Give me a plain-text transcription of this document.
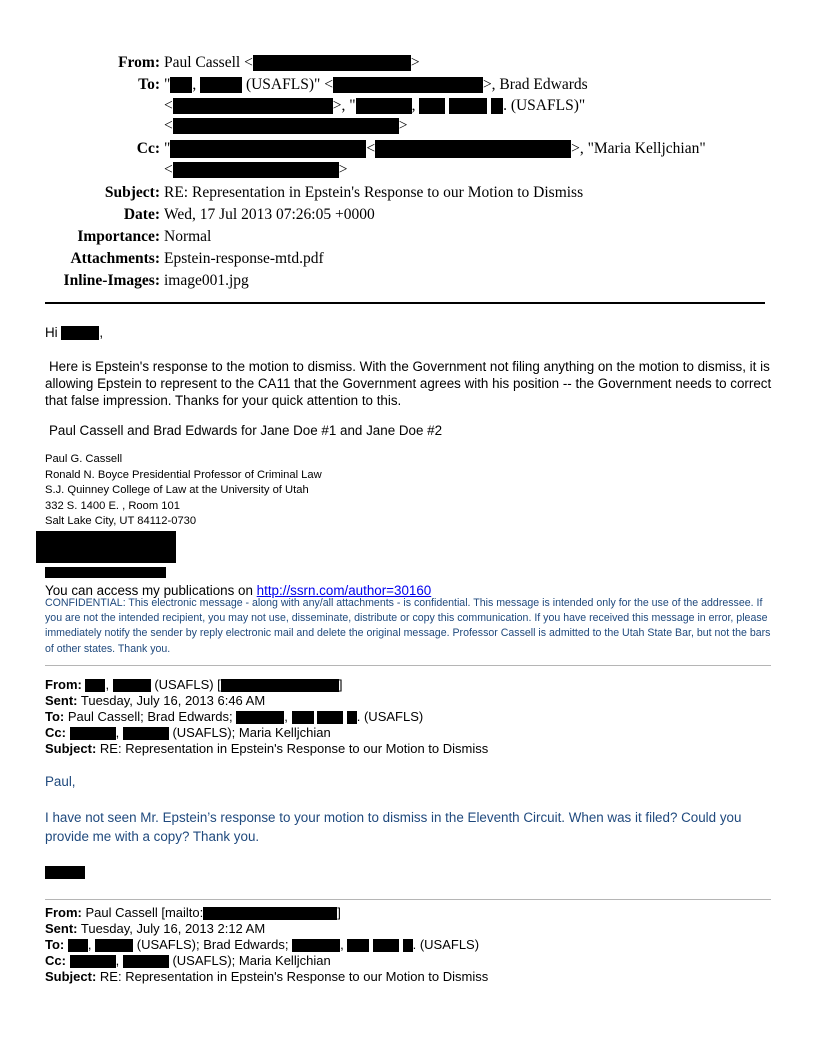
From: Paul Cassell <	>
To: " ,	(USAFLS)" <	>, Brad Edwards
<	>, "	,	. (USAFLS)"
<	>
Cc: "	<	>, "Maria Kelljchian"
<	>
Subject: RE: Representation in Epstein's Response to our Motion to Dismiss
Date: Wed, 17 Jul 2013 07:26:05 +0000
Importance: Normal
Attachments: Epstein-response-mtd.pdf
Inline-Images: image001.jpg
Hi	,
Here is Epstein's response to the motion to dismiss. With the Government not filing anything on the motion to dismiss, it is allowing Epstein to represent to the CA11 that the Government agrees with his position -- the Government needs to correct that false impression. Thanks for your quick attention to this.
Paul Cassell and Brad Edwards for Jane Doe #1 and Jane Doe #2
Paul G. Cassell
Ronald N. Boyce Presidential Professor of Criminal Law
S.J. Quinney College of Law at the University of Utah
332 S. 1400 E. , Room 101
Salt Lake City, UT 84112-0730
You can access my publications on http://ssrn.com/author=30160
CONFIDENTIAL: This electronic message - along with any/all attachments - is confidential. This message is intended only for the use of the addressee. If you are not the intended recipient, you may not use, disseminate, distribute or copy this communication. If you have received this message in error, please immediately notify the sender by reply electronic mail and delete the original message. Professor Cassell is admitted to the Utah State Bar, but not the bars of other states. Thank you.
From: ,	(USAFLS) [	]
Sent: Tuesday, July 16, 2013 6:46 AM
To: Paul Cassell; Brad Edwards;	,	. (USAFLS)
Cc:	,	(USAFLS); Maria Kelljchian
Subject: RE: Representation in Epstein's Response to our Motion to Dismiss
Paul,
I have not seen Mr. Epstein’s response to your motion to dismiss in the Eleventh Circuit. When was it filed? Could you provide me with a copy? Thank you.
From: Paul Cassell [mailto:	]
Sent: Tuesday, July 16, 2013 2:12 AM
To: ,	(USAFLS); Brad Edwards;	,	. (USAFLS)
Cc:	,	(USAFLS); Maria Kelljchian
Subject: RE: Representation in Epstein's Response to our Motion to Dismiss
